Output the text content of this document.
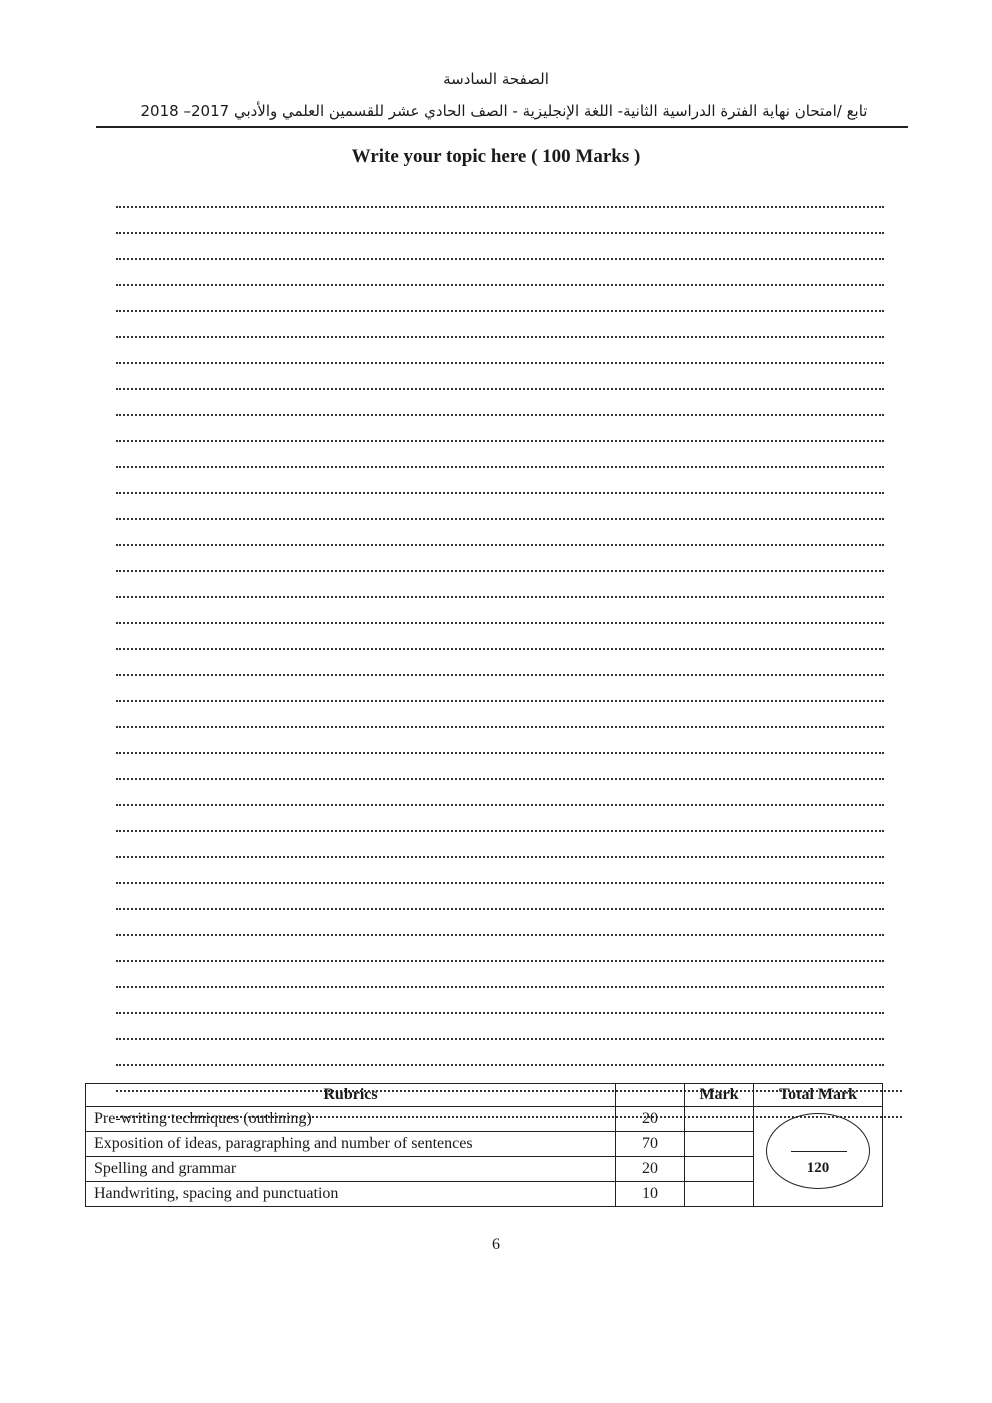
الصفحة السادسة
تابع /امتحان نهاية الفترة الدراسية الثانية- اللغة الإنجليزية - الصف الحادي عشر للقسمين العلمي والأدبي 2017– 2018
Write your topic here ( 100 Marks )
Rubrics		Mark	Total Mark
Pre-writing techniques (outlining)	20		120

Exposition of ideas, paragraphing and number of sentences	70		
Spelling and grammar	20		
Handwriting, spacing and punctuation	10		
6
